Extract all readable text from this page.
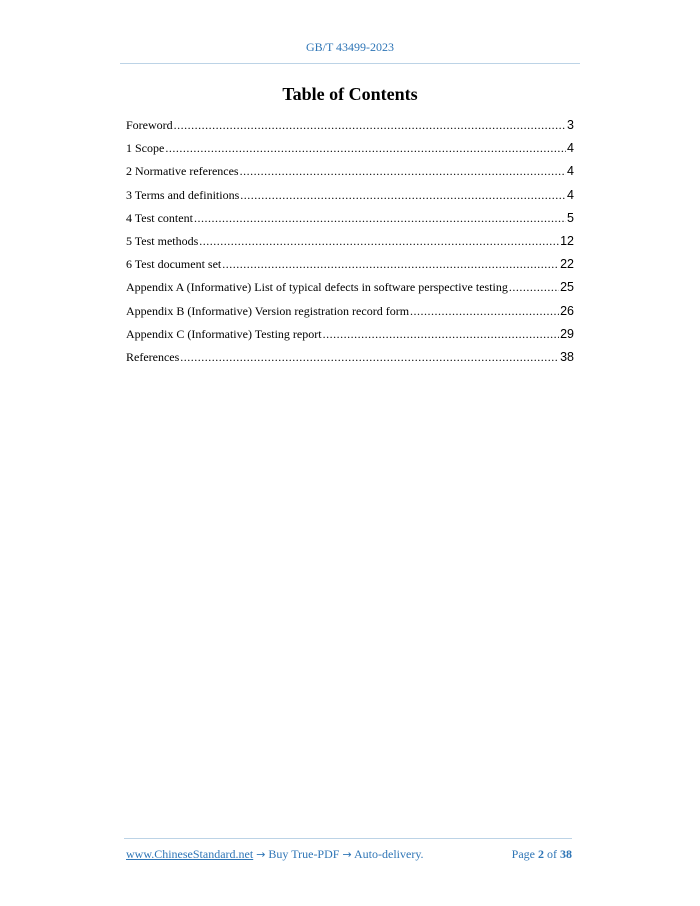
GB/T 43499-2023
Table of Contents
Foreword .....	3
1 Scope .....	4
2 Normative references .....	4
3 Terms and definitions .....	4
4 Test content .....	5
5 Test methods .....	12
6 Test document set .....	22
Appendix A (Informative) List of typical defects in software perspective testing .....	25
Appendix B (Informative) Version registration record form .....	26
Appendix C (Informative) Testing report .....	29
References .....	38
www.ChineseStandard.net → Buy True-PDF → Auto-delivery.	Page 2 of 38
